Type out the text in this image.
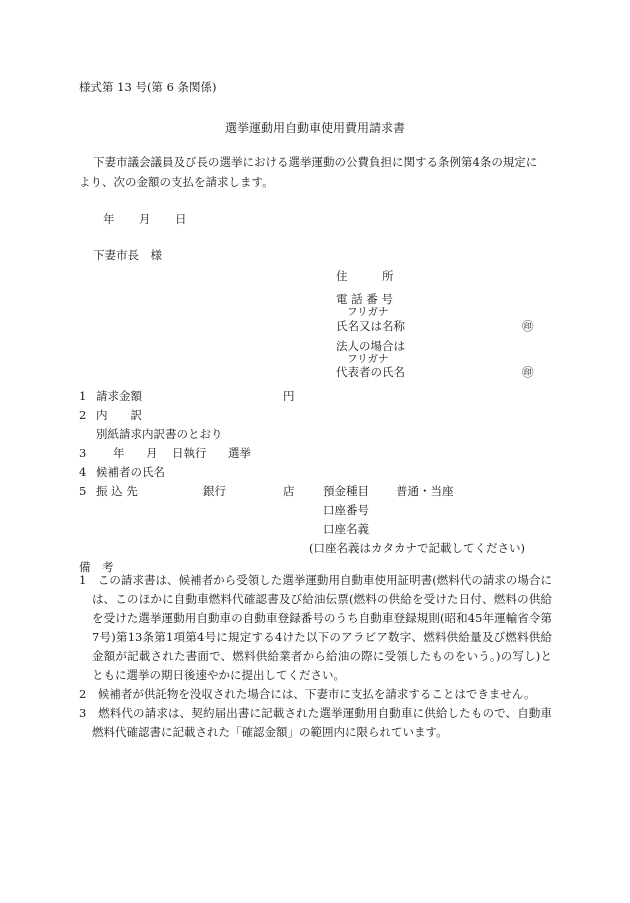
様式第 13 号(第 6 条関係)
選挙運動用自動車使用費用請求書
下妻市議会議員及び長の選挙における選挙運動の公費負担に関する条例第4条の規定に
より、次の金額の支払を請求します。
年 月 日
下妻市長　様
住　　　所
電 話 番 号
フリガナ
氏名又は名称	㊞
法人の場合は
フリガナ
代表者の氏名	㊞
1 請求金額	円
2 内　　訳
別紙請求内訳書のとおり
3 年 月 日執行 選挙
4 候補者の氏名
5 振 込 先	銀行	店 預金種目 普通・当座
口座番号
口座名義
(口座名義はカタカナで記載してください)
備　考

1　この請求書は、候補者から受領した選挙運動用自動車使用証明書(燃料代の請求の場合には、このほかに自動車燃料代確認書及び給油伝票(燃料の供給を受けた日付、燃料の供給を受けた選挙運動用自動車の自動車登録番号のうち自動車登録規則(昭和45年運輸省令第7号)第13条第1項第4号に規定する4けた以下のアラビア数字、燃料供給量及び燃料供給金額が記載された書面で、燃料供給業者から給油の際に受領したものをいう。)の写し)とともに選挙の期日後速やかに提出してください。

2　候補者が供託物を没収された場合には、下妻市に支払を請求することはできません。

3　燃料代の請求は、契約届出書に記載された選挙運動用自動車に供給したもので、自動車燃料代確認書に記載された「確認金額」の範囲内に限られています。
